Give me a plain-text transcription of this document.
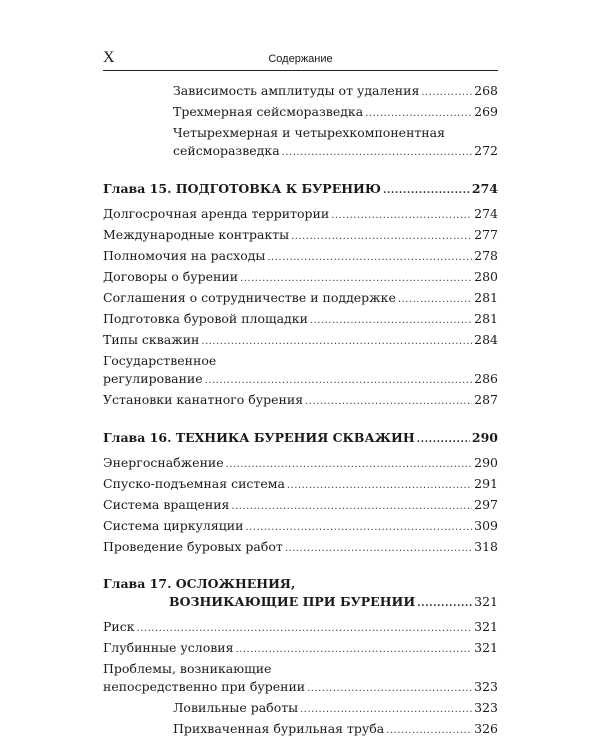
X	Содержание
Зависимость амплитуды от удаления .....	268
Трехмерная сейсморазведка .....	269
Четырехмерная и четырехкомпонентная
сейсморазведка .....	272
Глава 15. ПОДГОТОВКА К БУРЕНИЮ .....	274
Долгосрочная аренда территории .....	274
Международные контракты .....	277
Полномочия на расходы .....	278
Договоры о бурении .....	280
Соглашения о сотрудничестве и поддержке .....	281
Подготовка буровой площадки .....	281
Типы скважин .....	284
Государственное
регулирование .....	286
Установки канатного бурения .....	287
Глава 16. ТЕХНИКА БУРЕНИЯ СКВАЖИН .....	290
Энергоснабжение .....	290
Спуско-подъемная система .....	291
Система вращения .....	297
Система циркуляции .....	309
Проведение буровых работ .....	318
Глава 17. ОСЛОЖНЕНИЯ,
ВОЗНИКАЮЩИЕ ПРИ БУРЕНИИ .....	321
Риск .....	321
Глубинные условия .....	321
Проблемы, возникающие
непосредственно при бурении .....	323
Ловильные работы .....	323
Прихваченная бурильная труба .....	326
